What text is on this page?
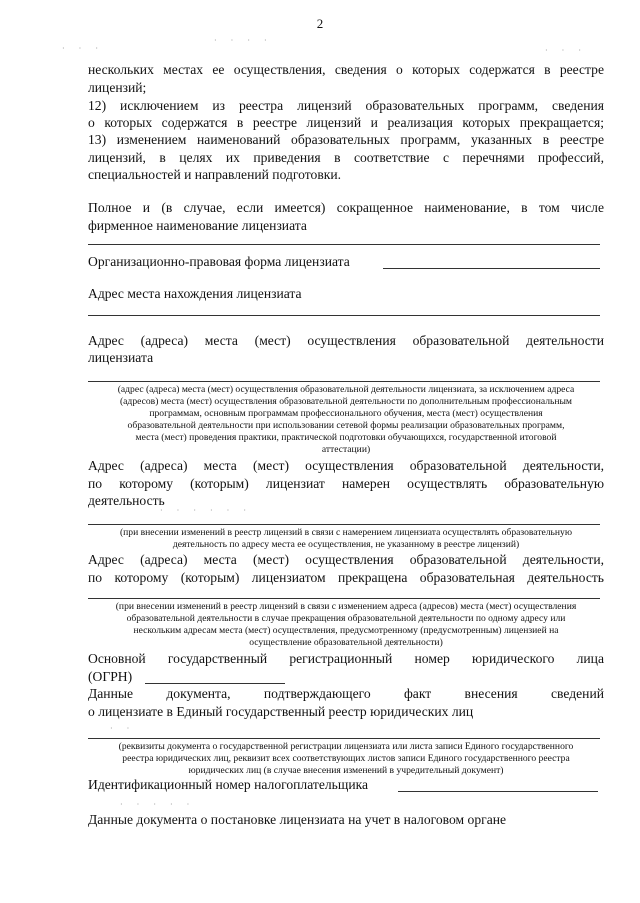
2
нескольких местах ее осуществления, сведения о которых содержатся в реестре
лицензий;
12) исключением из реестра лицензий образовательных программ, сведения
о которых содержатся в реестре лицензий и реализация которых прекращается;
13) изменением наименований образовательных программ, указанных в реестре
лицензий, в целях их приведения в соответствие с перечнями профессий,
специальностей и направлений подготовки.
Полное и (в случае, если имеется) сокращенное наименование, в том числе
фирменное наименование лицензиата
Организационно-правовая форма лицензиата
Адрес места нахождения лицензиата
Адрес (адреса) места (мест) осуществления образовательной деятельности
лицензиата
(адрес (адреса) места (мест) осуществления образовательной деятельности лицензиата, за исключением адреса
(адресов) места (мест) осуществления образовательной деятельности по дополнительным профессиональным
программам, основным программам профессионального обучения, места (мест) осуществления
образовательной деятельности при использовании сетевой формы реализации образовательных программ,
места (мест) проведения практики, практической подготовки обучающихся, государственной итоговой
аттестации)
Адрес (адреса) места (мест) осуществления образовательной деятельности,
по которому (которым) лицензиат намерен осуществлять образовательную
деятельность
(при внесении изменений в реестр лицензий в связи с намерением лицензиата осуществлять образовательную
деятельность по адресу места ее осуществления, не указанному в реестре лицензий)
Адрес (адреса) места (мест) осуществления образовательной деятельности,
по которому (которым) лицензиатом прекращена образовательная деятельность
(при внесении изменений в реестр лицензий в связи с изменением адреса (адресов) места (мест) осуществления
образовательной деятельности в случае прекращения образовательной деятельности по одному адресу или
нескольким адресам места (мест) осуществления, предусмотренному (предусмотренным) лицензией на
осуществление образовательной деятельности)
Основной государственный регистрационный номер юридического лица
(ОГРН)
Данные документа, подтверждающего факт внесения сведений
о лицензиате в Единый государственный реестр юридических лиц
(реквизиты документа о государственной регистрации лицензиата или листа записи Единого государственного
реестра юридических лиц, реквизит всех соответствующих листов записи Единого государственного реестра
юридических лиц (в случае внесения изменений в учредительный документ)
Идентификационный номер налогоплательщика
Данные документа о постановке лицензиата на учет в налоговом органе
· · ·
· · · ·
· · ·
· ·
· · · · · ·
· · · · ·
